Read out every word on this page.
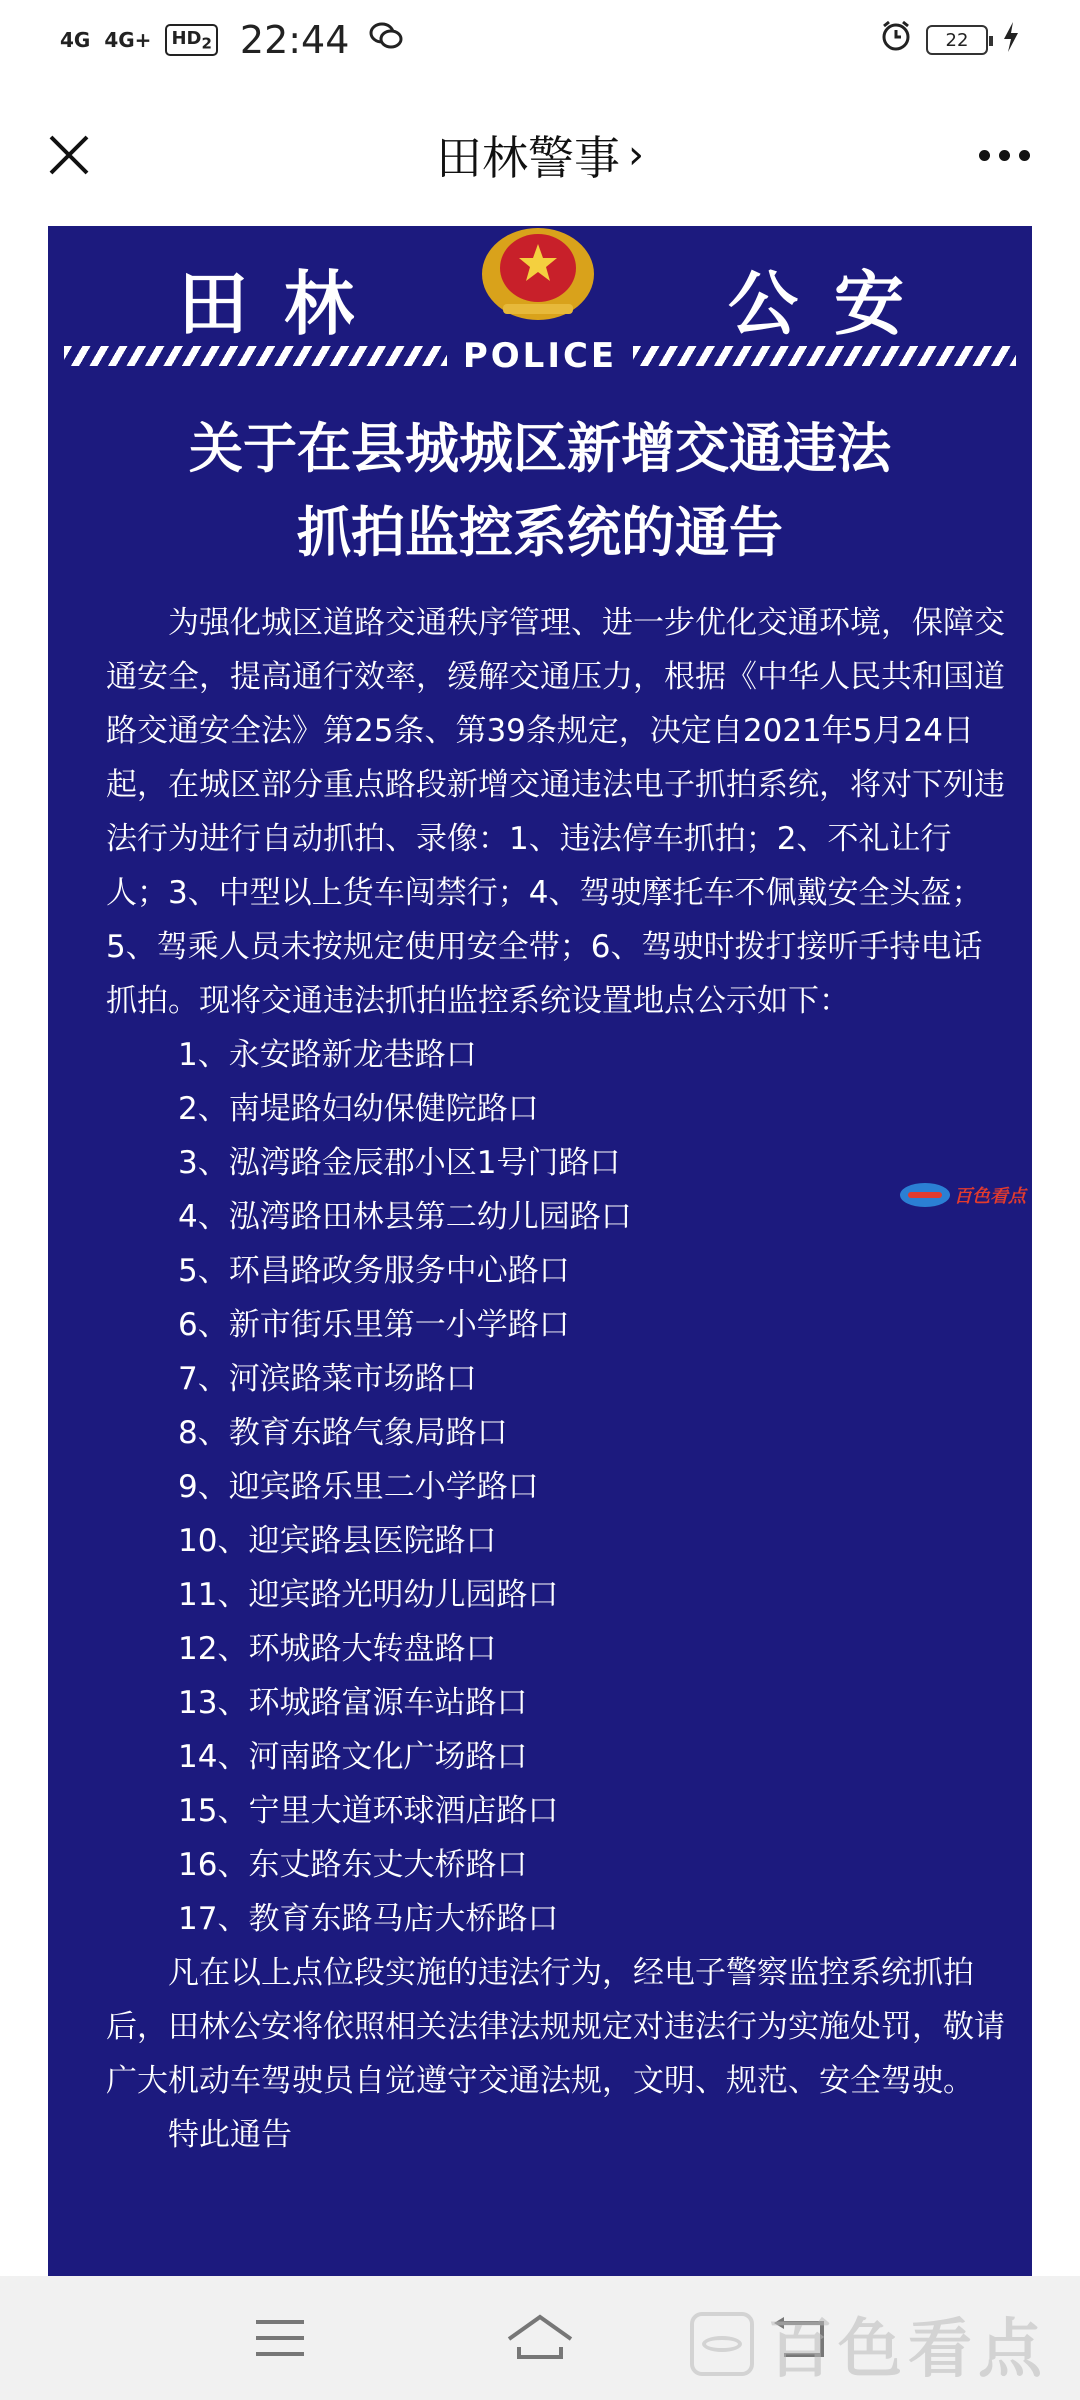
4G 4G+	$HD_2$ 22:44	22
田林警事 ›
田林	公安
POLICE
关于在县城城区新增交通违法
抓拍监控系统的通告

为强化城区道路交通秩序管理、进一步优化交通环境，保障交通安全，提高通行效率，缓解交通压力，根据《中华人民共和国道路交通安全法》第25条、第39条规定，决定自2021年5月24日起，在城区部分重点路段新增交通违法电子抓拍系统，将对下列违法行为进行自动抓拍、录像：1、违法停车抓拍；2、不礼让行人；3、中型以上货车闯禁行；4、驾驶摩托车不佩戴安全头盔；5、驾乘人员未按规定使用安全带；6、驾驶时拨打接听手持电话抓拍。现将交通违法抓拍监控系统设置地点公示如下：

1、永安路新龙巷路口
2、南堤路妇幼保健院路口
3、泓湾路金辰郡小区1号门路口
4、泓湾路田林县第二幼儿园路口
5、环昌路政务服务中心路口
6、新市街乐里第一小学路口
7、河滨路菜市场路口
8、教育东路气象局路口
9、迎宾路乐里二小学路口
10、迎宾路县医院路口
11、迎宾路光明幼儿园路口
12、环城路大转盘路口
13、环城路富源车站路口
14、河南路文化广场路口
15、宁里大道环球酒店路口
16、东丈路东丈大桥路口
17、教育东路马店大桥路口

凡在以上点位段实施的违法行为，经电子警察监控系统抓拍后，田林公安将依照相关法律法规规定对违法行为实施处罚，敬请广大机动车驾驶员自觉遵守交通法规，文明、规范、安全驾驶。

特此通告

百色看点
百色看点
